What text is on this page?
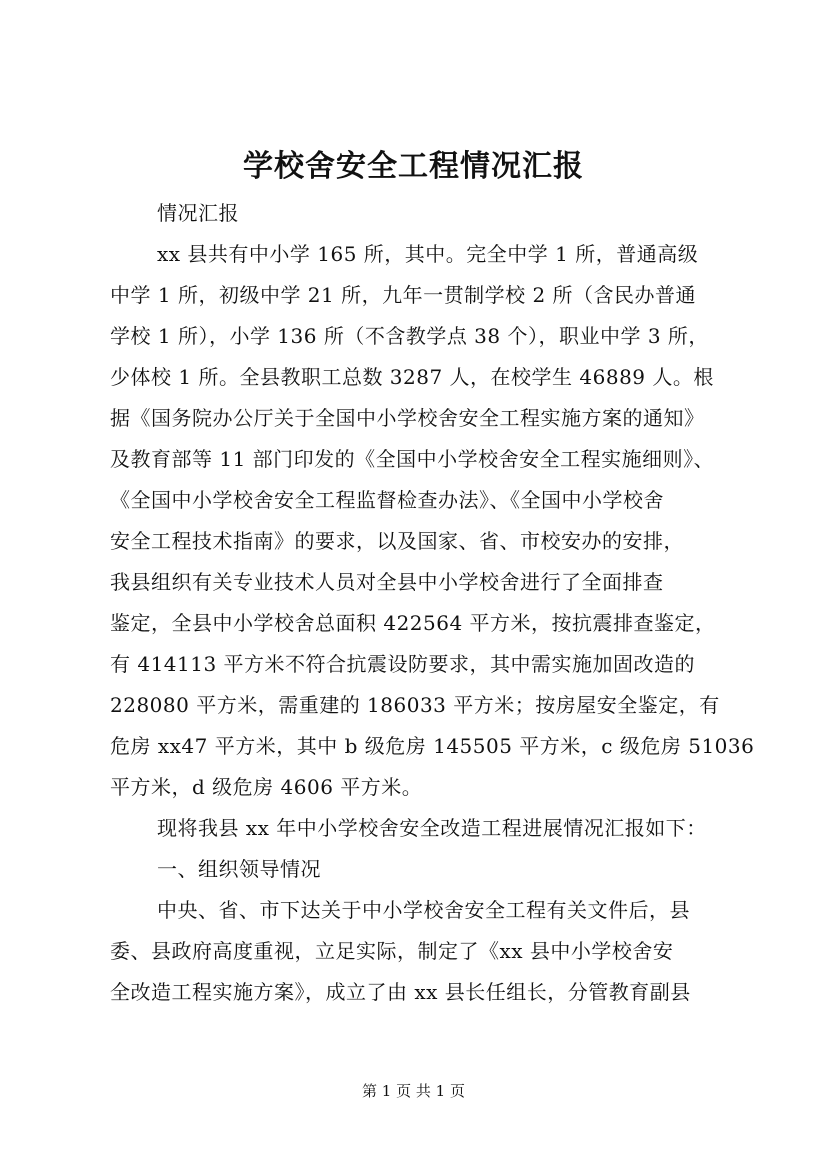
学校舍安全工程情况汇报
情况汇报
xx 县共有中小学 165 所，其中。完全中学 1 所，普通高级
中学 1 所，初级中学 21 所，九年一贯制学校 2 所（含民办普通
学校 1 所），小学 136 所（不含教学点 38 个），职业中学 3 所，
少体校 1 所。全县教职工总数 3287 人，在校学生 46889 人。根
据《国务院办公厅关于全国中小学校舍安全工程实施方案的通知》
及教育部等 11 部门印发的《全国中小学校舍安全工程实施细则》、
《全国中小学校舍安全工程监督检查办法》、《全国中小学校舍
安全工程技术指南》的要求，以及国家、省、市校安办的安排，
我县组织有关专业技术人员对全县中小学校舍进行了全面排查
鉴定，全县中小学校舍总面积 422564 平方米，按抗震排查鉴定，
有 414113 平方米不符合抗震设防要求，其中需实施加固改造的
228080 平方米，需重建的 186033 平方米；按房屋安全鉴定，有
危房 xx47 平方米，其中 b 级危房 145505 平方米，c 级危房 51036
平方米，d 级危房 4606 平方米。
现将我县 xx 年中小学校舍安全改造工程进展情况汇报如下：
一、组织领导情况
中央、省、市下达关于中小学校舍安全工程有关文件后，县
委、县政府高度重视，立足实际，制定了《xx 县中小学校舍安
全改造工程实施方案》，成立了由 xx 县长任组长，分管教育副县
第 1 页 共 1 页
